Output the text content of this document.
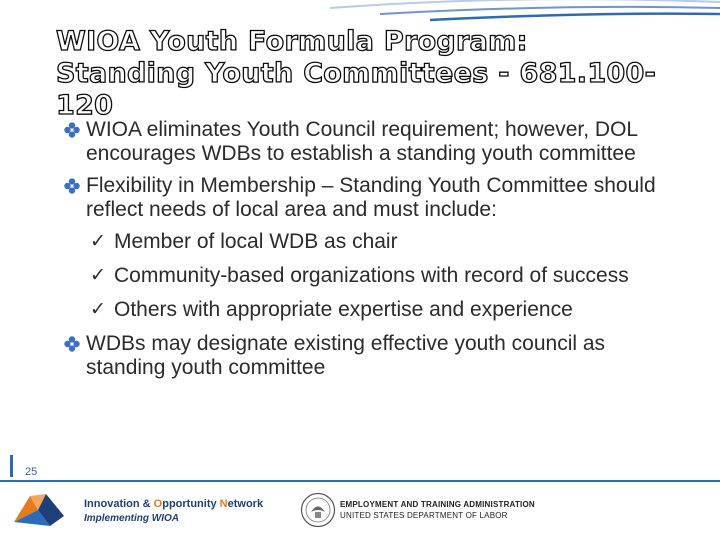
WIOA Youth Formula Program:
Standing Youth Committees - 681.100-120
WIOA eliminates Youth Council requirement; however, DOL encourages WDBs to establish a standing youth committee
Flexibility in Membership – Standing Youth Committee should reflect needs of local area and must include:
✓ Member of local WDB as chair
✓ Community-based organizations with record of success
✓ Others with appropriate expertise and experience
WDBs may designate existing effective youth council as standing youth committee
25
Innovation & Opportunity Network
Implementing WIOA
EMPLOYMENT AND TRAINING ADMINISTRATION
UNITED STATES DEPARTMENT OF LABOR
